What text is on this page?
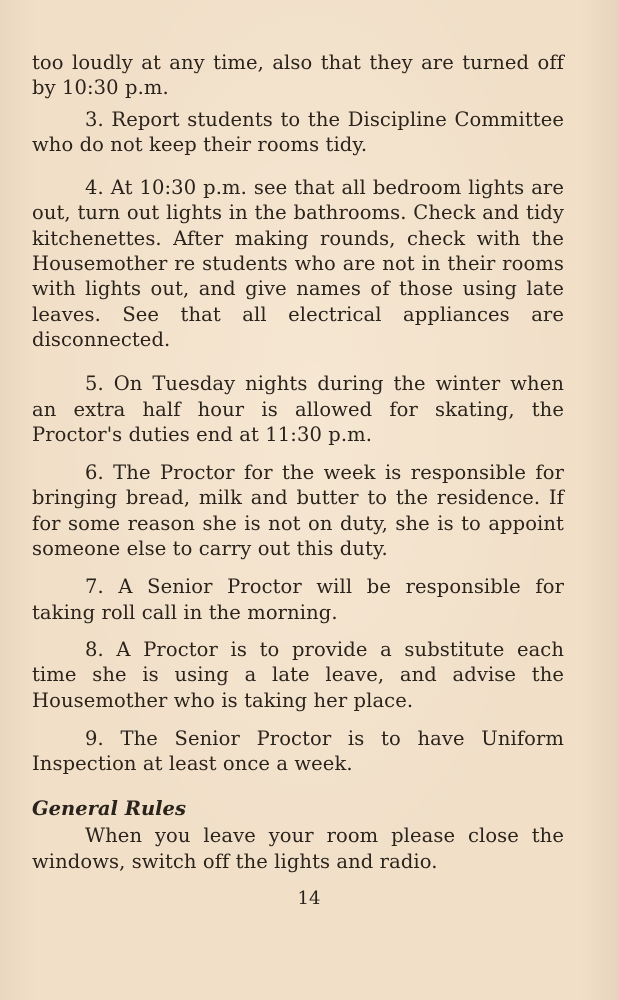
too loudly at any time, also that they are turned off by 10:30 p.m.

3. Report students to the Discipline Committee who do not keep their rooms tidy.

4. At 10:30 p.m. see that all bedroom lights are out, turn out lights in the bathrooms. Check and tidy kitchenettes. After making rounds, check with the Housemother re students who are not in their rooms with lights out, and give names of those using late leaves. See that all electrical appliances are disconnected.

5. On Tuesday nights during the winter when an extra half hour is allowed for skating, the Proctor's duties end at 11:30 p.m.

6. The Proctor for the week is responsible for bringing bread, milk and butter to the residence. If for some reason she is not on duty, she is to appoint someone else to carry out this duty.

7. A Senior Proctor will be responsible for taking roll call in the morning.

8. A Proctor is to provide a substitute each time she is using a late leave, and advise the Housemother who is taking her place.

9. The Senior Proctor is to have Uniform Inspection at least once a week.

General Rules

When you leave your room please close the windows, switch off the lights and radio.

14
